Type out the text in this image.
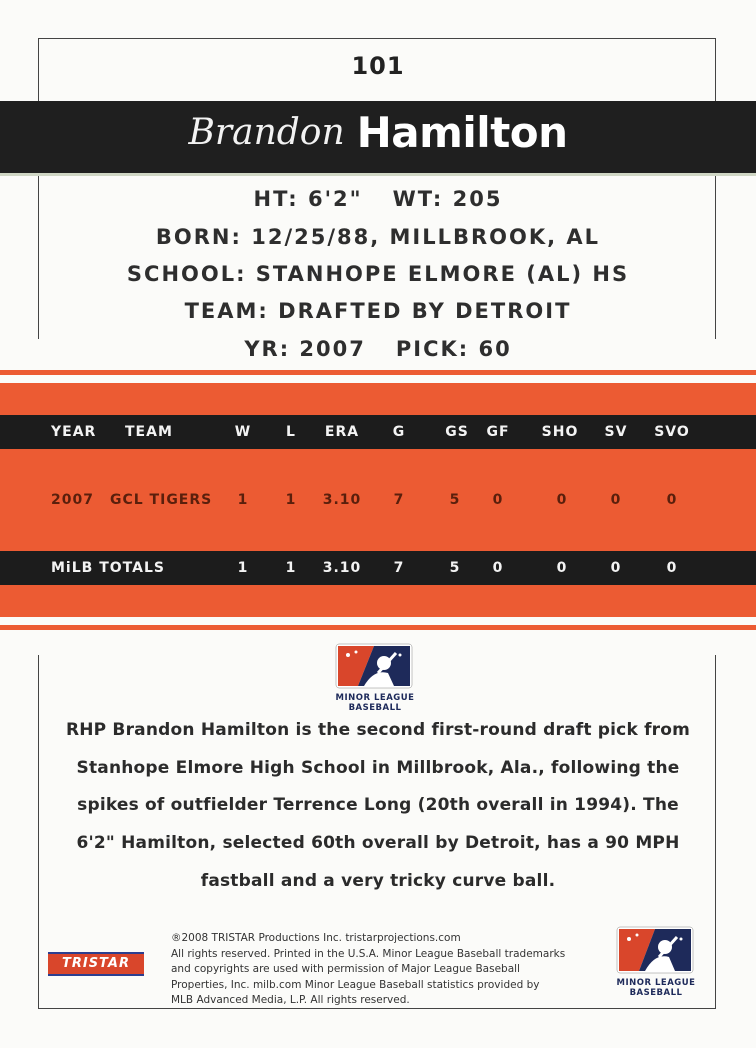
101
Brandon Hamilton
HT: 6'2" WT: 205
BORN: 12/25/88, MILLBROOK, AL
SCHOOL: STANHOPE ELMORE (AL) HS
TEAM: DRAFTED BY DETROIT
YR: 2007 PICK: 60
YEAR TEAM	W L ERA G	GS GF SHO SV SVO
2007 GCL TIGERS 1	1 3.10 7	5 0	0	0	0
MiLB TOTALS	1	1 3.10 7	5 0	0	0	0
MINOR LEAGUE
BASEBALL
RHP Brandon Hamilton is the second first-round draft pick from
Stanhope Elmore High School in Millbrook, Ala., following the
spikes of outfielder Terrence Long (20th overall in 1994). The
6'2" Hamilton, selected 60th overall by Detroit, has a 90 MPH
fastball and a very tricky curve ball.
TRISTAR
®2008 TRISTAR Productions Inc. tristarprojections.com
All rights reserved. Printed in the U.S.A. Minor League Baseball trademarks
and copyrights are used with permission of Major League Baseball
Properties, Inc. milb.com Minor League Baseball statistics provided by
MLB Advanced Media, L.P. All rights reserved.
MINOR LEAGUE
BASEBALL
